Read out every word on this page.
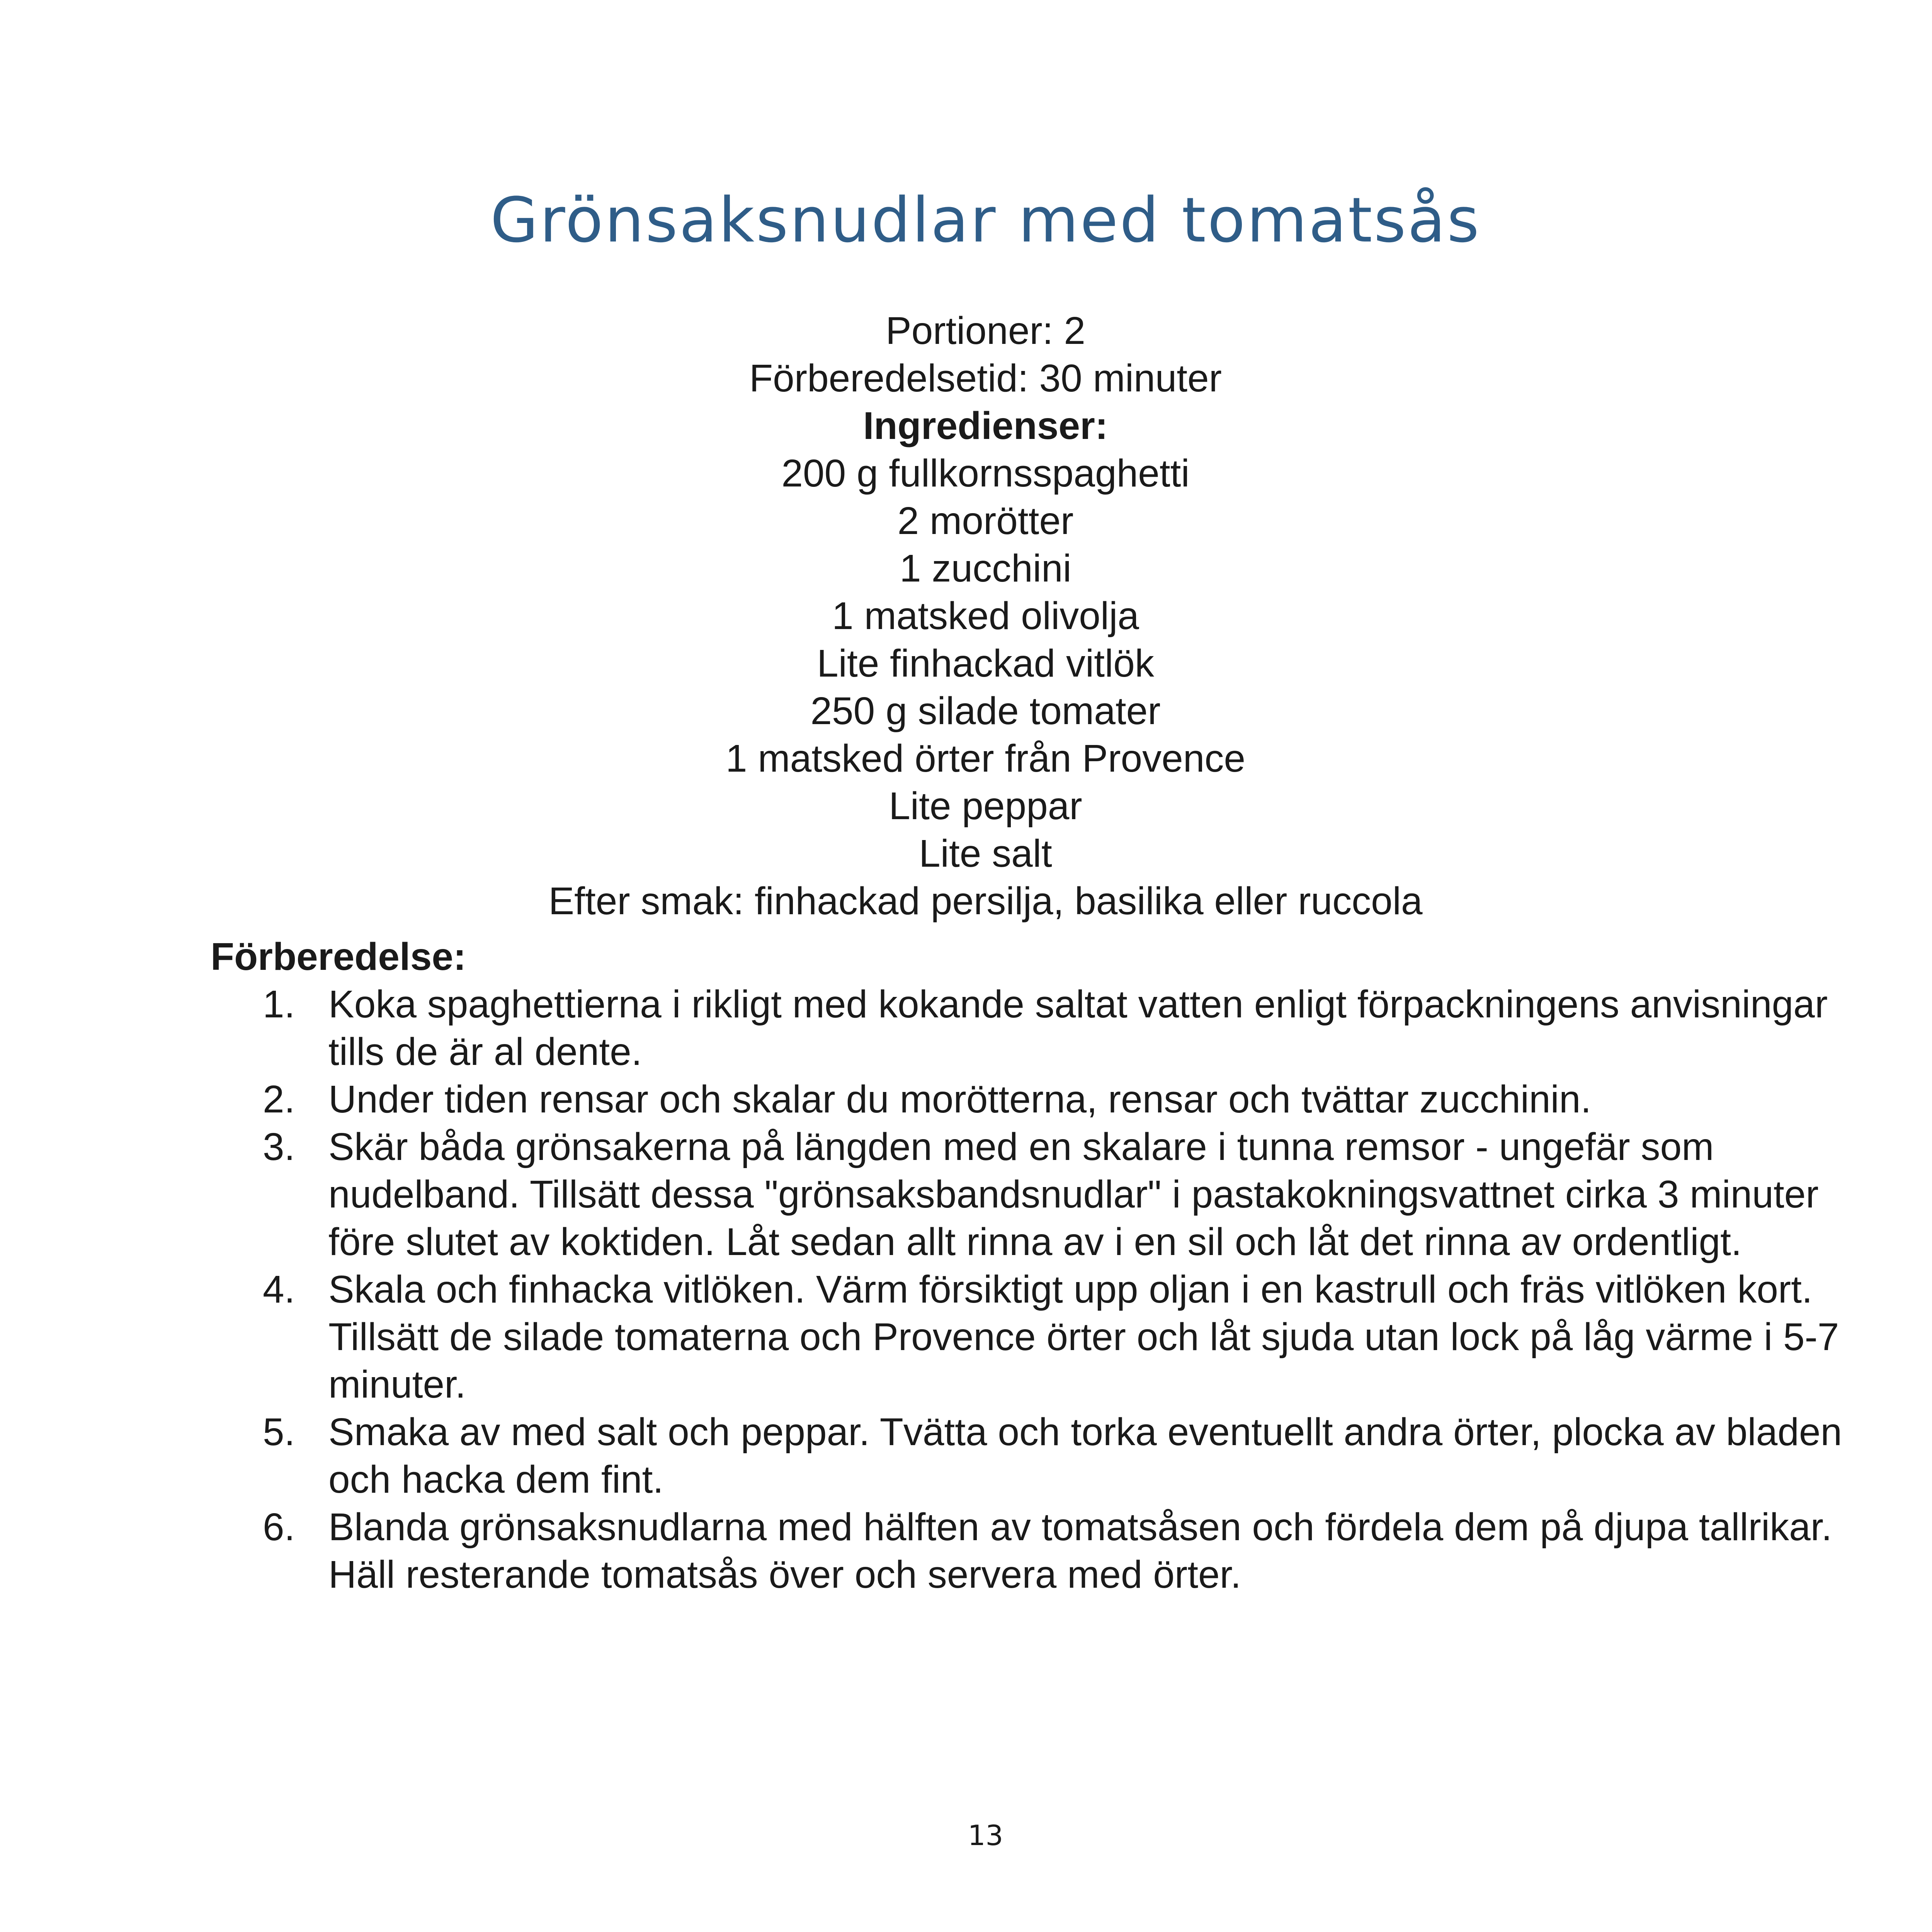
Grönsaksnudlar med tomatsås
Portioner: 2
Förberedelsetid: 30 minuter
Ingredienser:
200 g fullkornsspaghetti
2 morötter
1 zucchini
1 matsked olivolja
Lite finhackad vitlök
250 g silade tomater
1 matsked örter från Provence
Lite peppar
Lite salt
Efter smak: finhackad persilja, basilika eller ruccola
Förberedelse:
1. Koka spaghettierna i rikligt med kokande saltat vatten enligt förpackningens anvisningar tills de är al dente.
2. Under tiden rensar och skalar du morötterna, rensar och tvättar zucchinin.
3. Skär båda grönsakerna på längden med en skalare i tunna remsor - ungefär som nudelband. Tillsätt dessa "grönsaksbandsnudlar" i pastakokningsvattnet cirka 3 minuter före slutet av koktiden. Låt sedan allt rinna av i en sil och låt det rinna av ordentligt.
4. Skala och finhacka vitlöken. Värm försiktigt upp oljan i en kastrull och fräs vitlöken kort. Tillsätt de silade tomaterna och Provence örter och låt sjuda utan lock på låg värme i 5-7 minuter.
5. Smaka av med salt och peppar. Tvätta och torka eventuellt andra örter, plocka av bladen och hacka dem fint.
6. Blanda grönsaksnudlarna med hälften av tomatsåsen och fördela dem på djupa tallrikar. Häll resterande tomatsås över och servera med örter.
13
